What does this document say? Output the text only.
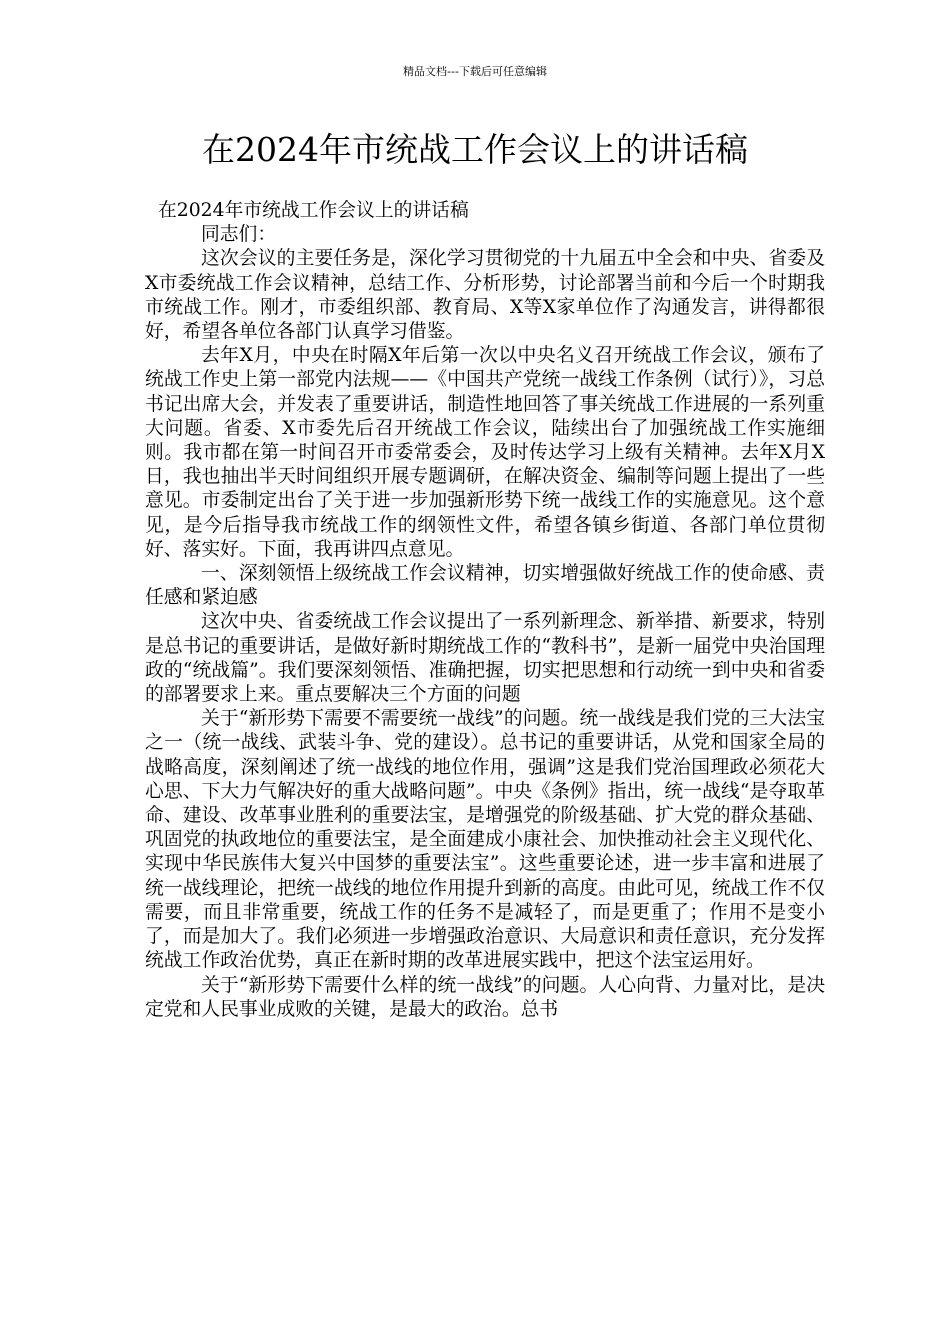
精品文档---下载后可任意编辑
在2024年市统战工作会议上的讲话稿

在2024年市统战工作会议上的讲话稿

同志们：

这次会议的主要任务是，深化学习贯彻党的十九届五中全会和中央、省委及X市委统战工作会议精神，总结工作、分析形势，讨论部署当前和今后一个时期我市统战工作。刚才，市委组织部、教育局、X等X家单位作了沟通发言，讲得都很好，希望各单位各部门认真学习借鉴。

去年X月，中央在时隔X年后第一次以中央名义召开统战工作会议，颁布了统战工作史上第一部党内法规——《中国共产党统一战线工作条例（试行）》，习总书记出席大会，并发表了重要讲话，制造性地回答了事关统战工作进展的一系列重大问题。省委、X市委先后召开统战工作会议，陆续出台了加强统战工作实施细则。我市都在第一时间召开市委常委会，及时传达学习上级有关精神。去年X月X日，我也抽出半天时间组织开展专题调研，在解决资金、编制等问题上提出了一些意见。市委制定出台了关于进一步加强新形势下统一战线工作的实施意见。这个意见，是今后指导我市统战工作的纲领性文件，希望各镇乡街道、各部门单位贯彻好、落实好。下面，我再讲四点意见。

一、深刻领悟上级统战工作会议精神，切实增强做好统战工作的使命感、责任感和紧迫感

这次中央、省委统战工作会议提出了一系列新理念、新举措、新要求，特别是总书记的重要讲话，是做好新时期统战工作的“教科书”，是新一届党中央治国理政的“统战篇”。我们要深刻领悟、准确把握，切实把思想和行动统一到中央和省委的部署要求上来。重点要解决三个方面的问题

关于“新形势下需要不需要统一战线”的问题。统一战线是我们党的三大法宝之一（统一战线、武装斗争、党的建设）。总书记的重要讲话，从党和国家全局的战略高度，深刻阐述了统一战线的地位作用，强调”这是我们党治国理政必须花大心思、下大力气解决好的重大战略问题”。中央《条例》指出，统一战线“是夺取革命、建设、改革事业胜利的重要法宝，是增强党的阶级基础、扩大党的群众基础、巩固党的执政地位的重要法宝，是全面建成小康社会、加快推动社会主义现代化、实现中华民族伟大复兴中国梦的重要法宝”。这些重要论述，进一步丰富和进展了统一战线理论，把统一战线的地位作用提升到新的高度。由此可见，统战工作不仅需要，而且非常重要，统战工作的任务不是减轻了，而是更重了；作用不是变小了，而是加大了。我们必须进一步增强政治意识、大局意识和责任意识，充分发挥统战工作政治优势，真正在新时期的改革进展实践中，把这个法宝运用好。

关于“新形势下需要什么样的统一战线”的问题。人心向背、力量对比，是决定党和人民事业成败的关键，是最大的政治。总书
